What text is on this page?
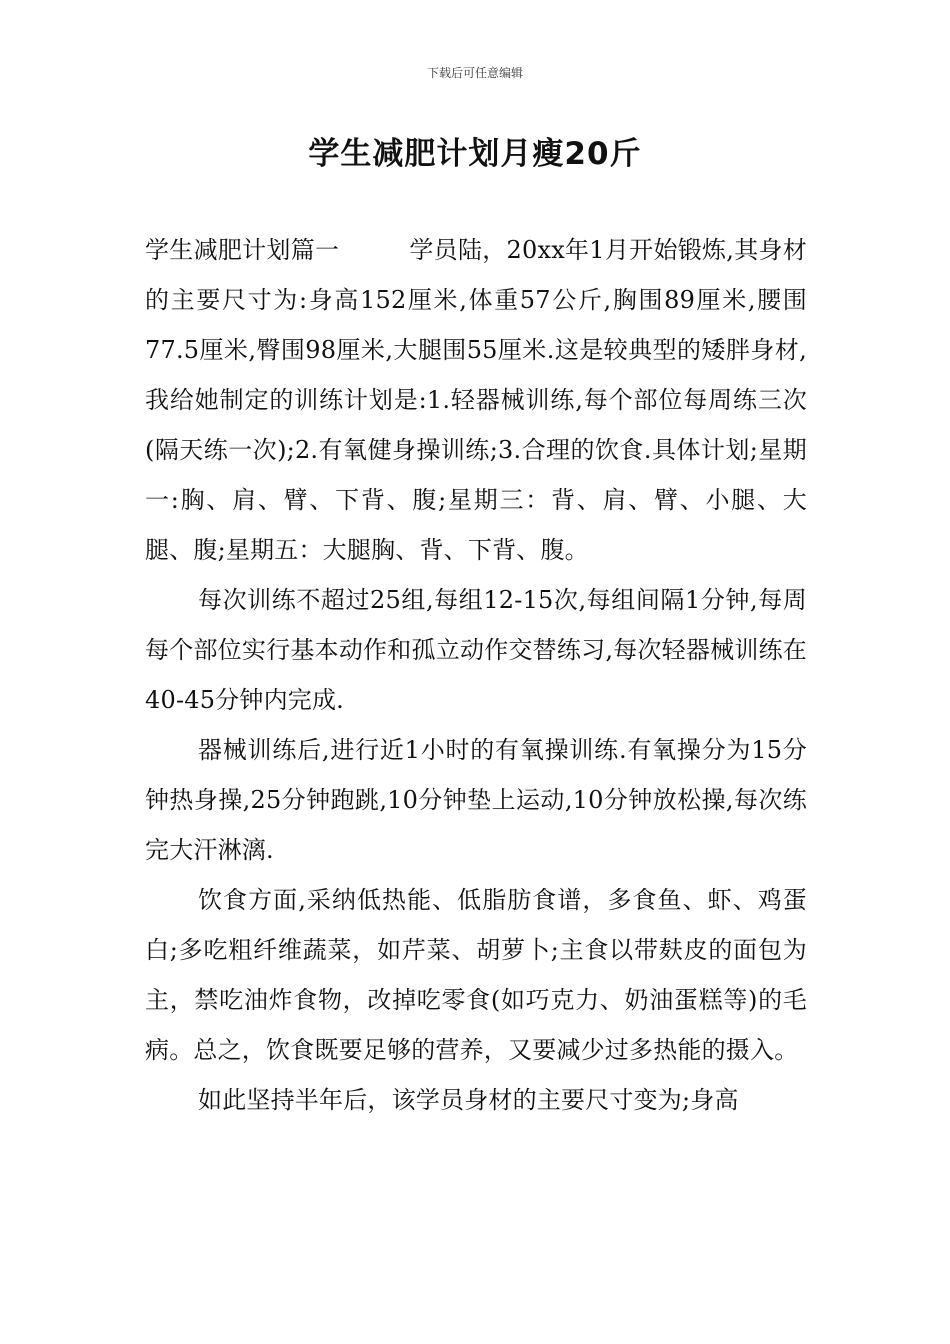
下载后可任意编辑
学生减肥计划月瘦20斤

学生减肥计划篇一	学员陆，20xx年1月开始锻炼,其身材的主要尺寸为:身高152厘米,体重57公斤,胸围89厘米,腰围77.5厘米,臀围98厘米,大腿围55厘米.这是较典型的矮胖身材,我给她制定的训练计划是:1.轻器械训练,每个部位每周练三次(隔天练一次);2.有氧健身操训练;3.合理的饮食.具体计划;星期一:胸、肩、臂、下背、腹;星期三：背、肩、臂、小腿、大腿、腹;星期五：大腿胸、背、下背、腹。

每次训练不超过25组,每组12-15次,每组间隔1分钟,每周每个部位实行基本动作和孤立动作交替练习,每次轻器械训练在40-45分钟内完成.

器械训练后,进行近1小时的有氧操训练.有氧操分为15分钟热身操,25分钟跑跳,10分钟垫上运动,10分钟放松操,每次练完大汗淋漓.

饮食方面,采纳低热能、低脂肪食谱，多食鱼、虾、鸡蛋白;多吃粗纤维蔬菜，如芹菜、胡萝卜;主食以带麸皮的面包为主，禁吃油炸食物，改掉吃零食(如巧克力、奶油蛋糕等)的毛病。总之，饮食既要足够的营养，又要减少过多热能的摄入。

如此坚持半年后，该学员身材的主要尺寸变为;身高
